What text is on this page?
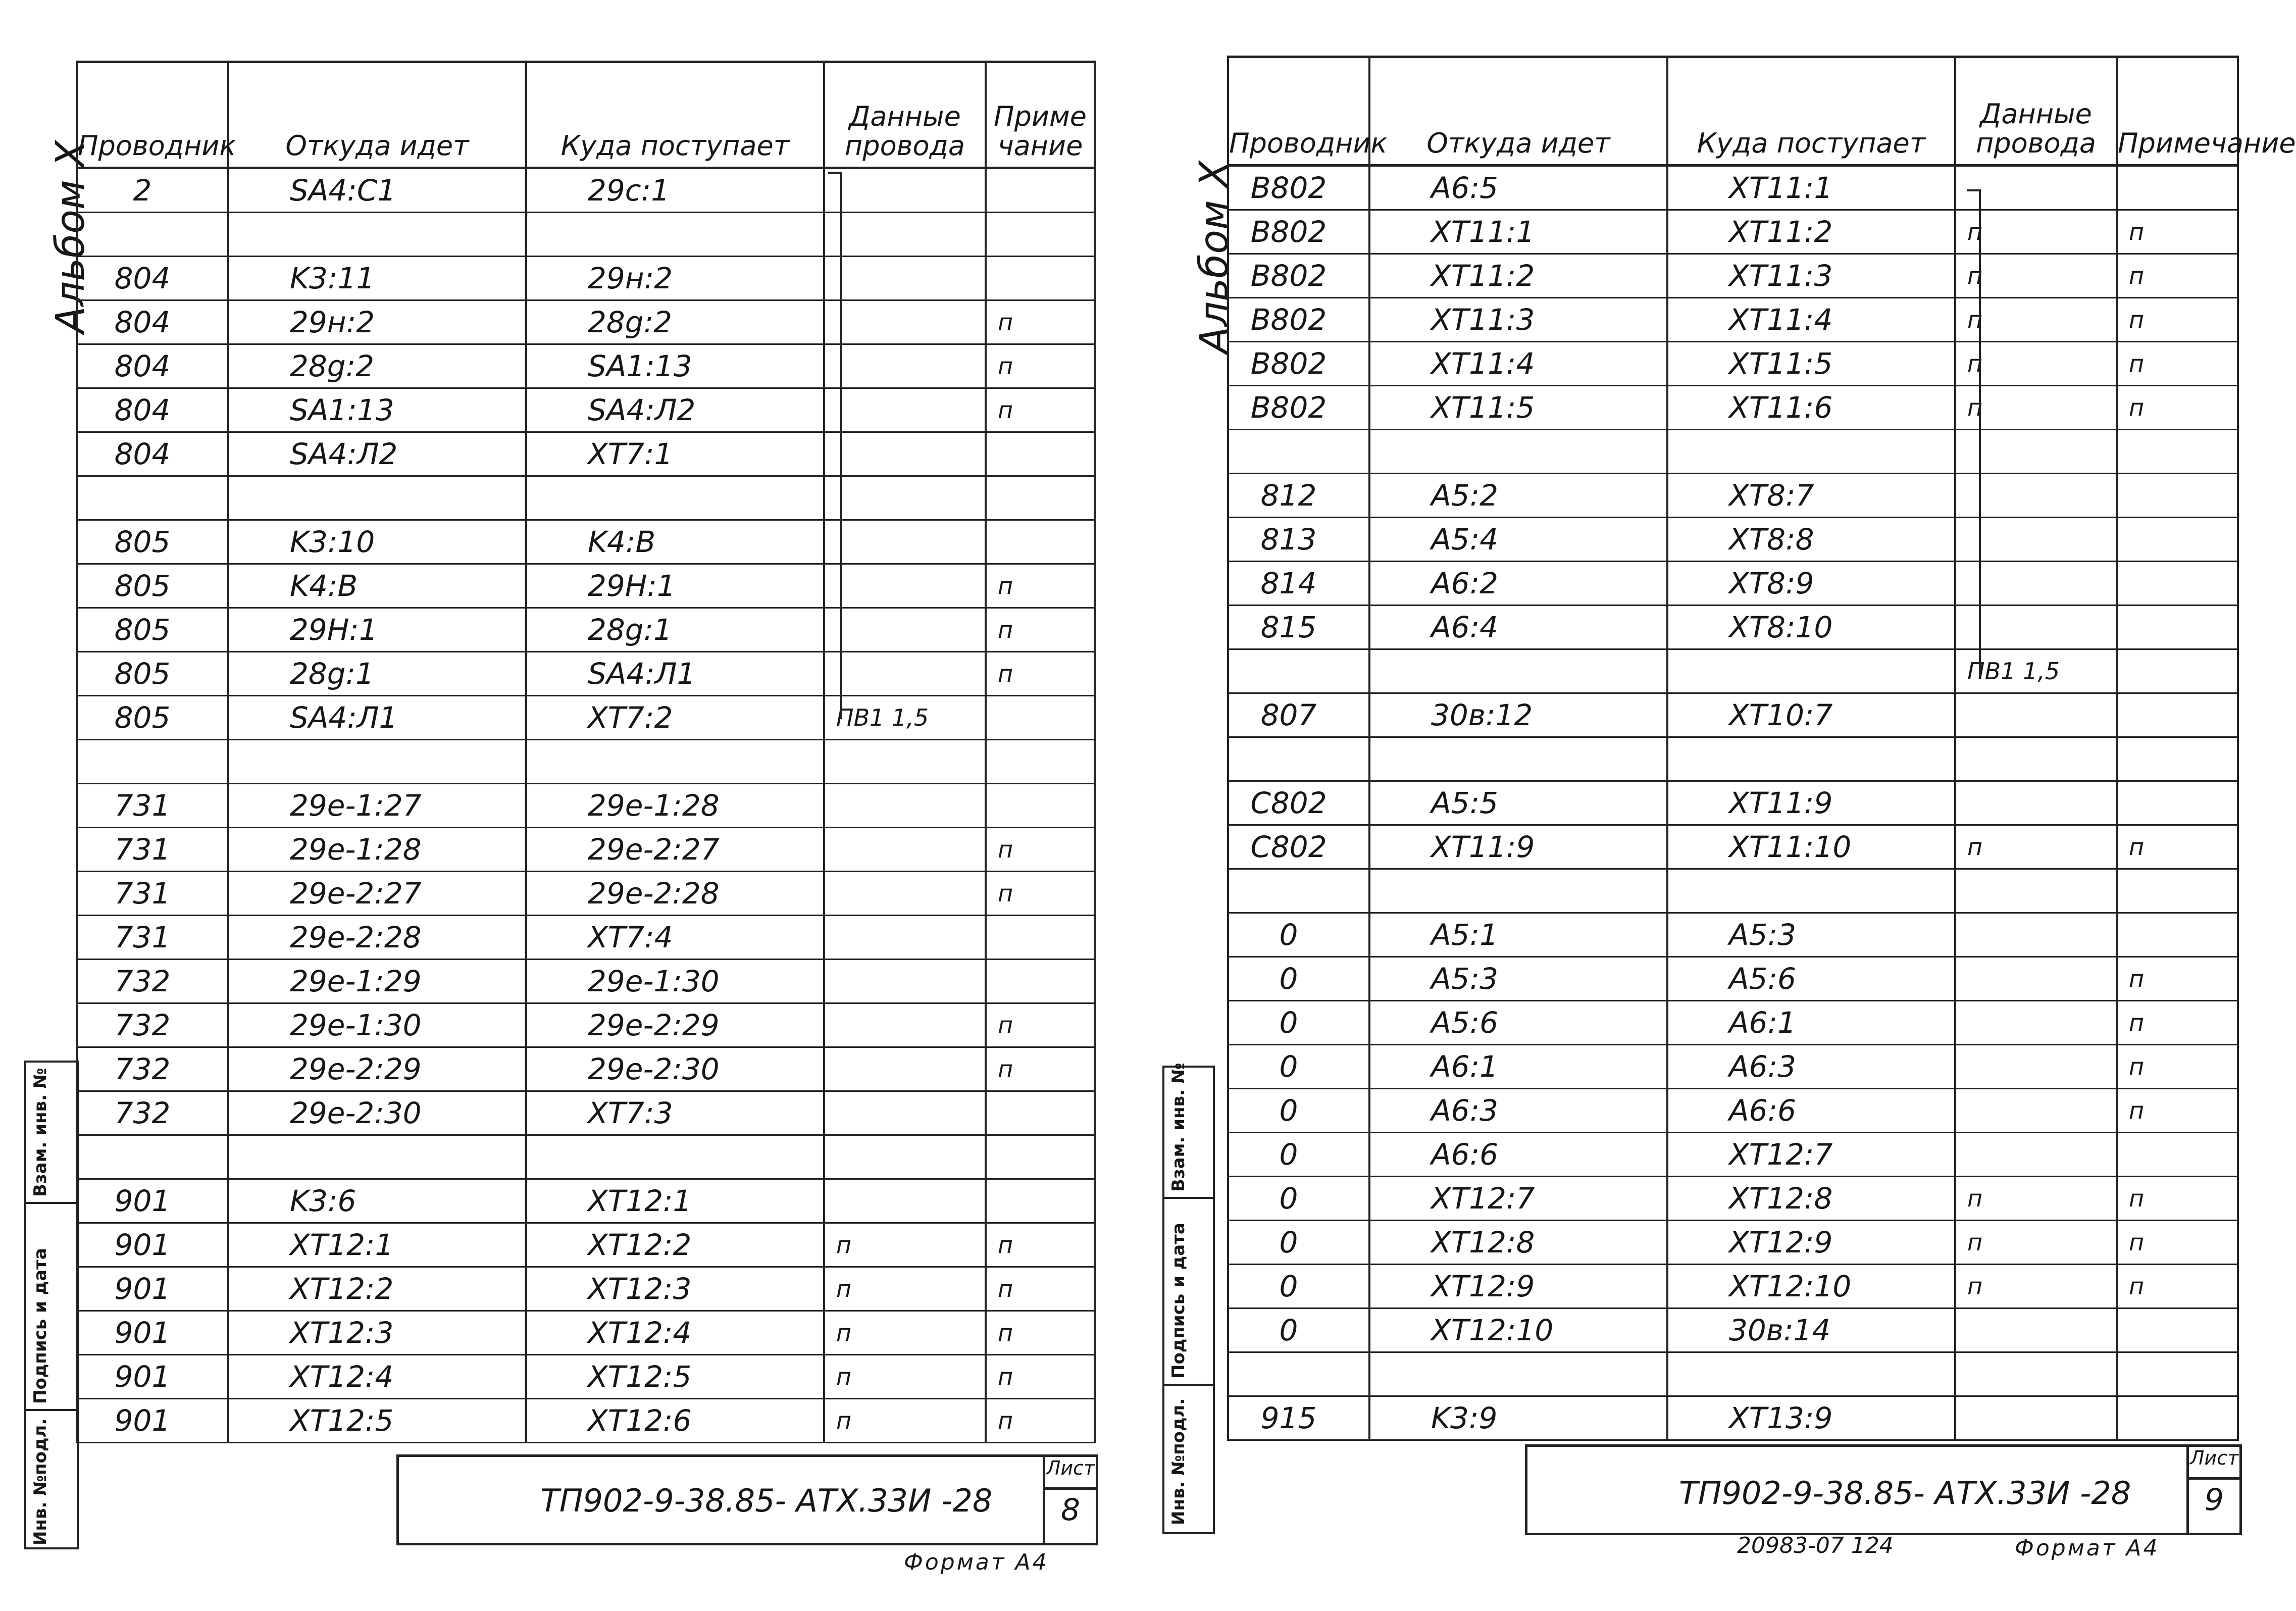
Альбом X
Проводник	Откуда идет	Куда поступает	Данные провода	Приме чание
2	SA4:C1	29c:1		

804	K3:11	29н:2		
804	29н:2	28g:2		п
804	28g:2	SA1:13		п
804	SA1:13	SA4:Л2		п
804	SA4:Л2	XT7:1		

805	K3:10	K4:B		
805	K4:B	29H:1		п
805	29H:1	28g:1		п
805	28g:1	SA4:Л1		п
805	SA4:Л1	XT7:2	ПВ1 1,5	

731	29e-1:27	29e-1:28		
731	29e-1:28	29e-2:27		п
731	29e-2:27	29e-2:28		п
731	29e-2:28	XT7:4		
732	29e-1:29	29e-1:30		
732	29e-1:30	29e-2:29		п
732	29e-2:29	29e-2:30		п
732	29e-2:30	XT7:3		

901	K3:6	XT12:1		
901	XT12:1	XT12:2	п	п
901	XT12:2	XT12:3	п	п
901	XT12:3	XT12:4	п	п
901	XT12:4	XT12:5	п	п
901	XT12:5	XT12:6	п	п
ТП902-9-38.85- АТХ.33И -28
Лист
8
Формат А4
Инв. №подл.
Подпись и дата
Взам. инв. №
Альбом X
Проводник	Откуда идет	Куда поступает	Данные провода	Примечание
B802	A6:5	XT11:1		
B802	XT11:1	XT11:2	п	п
B802	XT11:2	XT11:3	п	п
B802	XT11:3	XT11:4	п	п
B802	XT11:4	XT11:5	п	п
B802	XT11:5	XT11:6	п	п

812	A5:2	XT8:7		
813	A5:4	XT8:8		
814	A6:2	XT8:9		
815	A6:4	XT8:10		
			ПВ1 1,5	
807	30в:12	XT10:7		

C802	A5:5	XT11:9		
C802	XT11:9	XT11:10	п	п

0	A5:1	A5:3		
0	A5:3	A5:6		п
0	A5:6	A6:1		п
0	A6:1	A6:3		п
0	A6:3	A6:6		п
0	A6:6	XT12:7		
0	XT12:7	XT12:8	п	п
0	XT12:8	XT12:9	п	п
0	XT12:9	XT12:10	п	п
0	XT12:10	30в:14		

915	K3:9	XT13:9		
ТП902-9-38.85- АТХ.33И -28
Лист
9
20983-07 124	Формат А4
Инв. №подл.
Подпись и дата
Взам. инв. №
